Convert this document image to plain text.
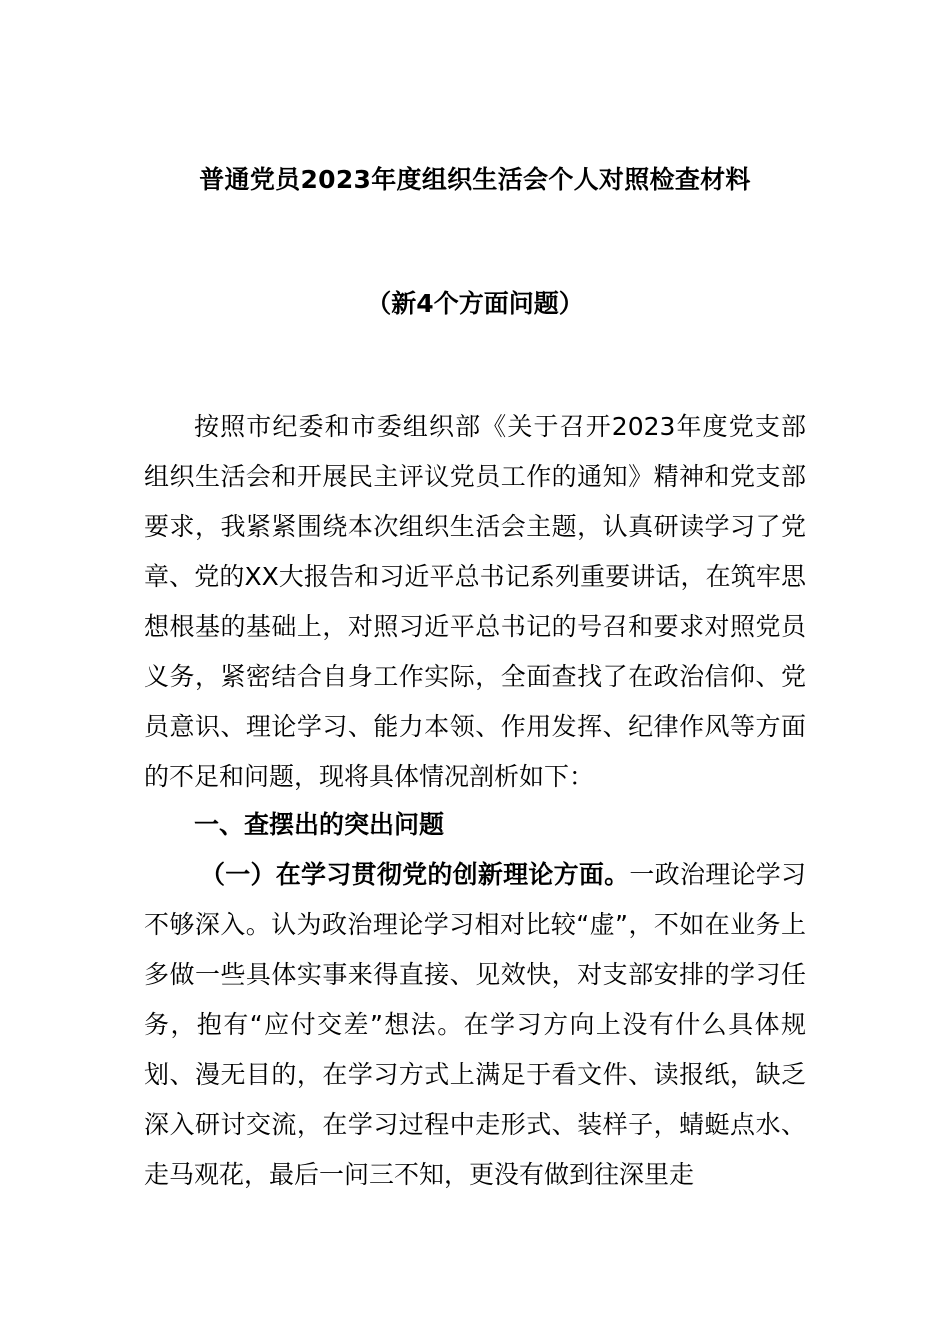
普通党员2023年度组织生活会个人对照检查材料
（新4个方面问题）

按照市纪委和市委组织部《关于召开2023年度党支部组织生活会和开展民主评议党员工作的通知》精神和党支部要求，我紧紧围绕本次组织生活会主题，认真研读学习了党章、党的XX大报告和习近平总书记系列重要讲话，在筑牢思想根基的基础上，对照习近平总书记的号召和要求对照党员义务，紧密结合自身工作实际，全面查找了在政治信仰、党员意识、理论学习、能力本领、作用发挥、纪律作风等方面的不足和问题，现将具体情况剖析如下：

一、查摆出的突出问题

（一）在学习贯彻党的创新理论方面。一政治理论学习不够深入。认为政治理论学习相对比较“虚”，不如在业务上多做一些具体实事来得直接、见效快，对支部安排的学习任务，抱有“应付交差”想法。在学习方向上没有什么具体规划、漫无目的，在学习方式上满足于看文件、读报纸，缺乏深入研讨交流，在学习过程中走形式、装样子，蜻蜓点水、走马观花，最后一问三不知，更没有做到往深里走
